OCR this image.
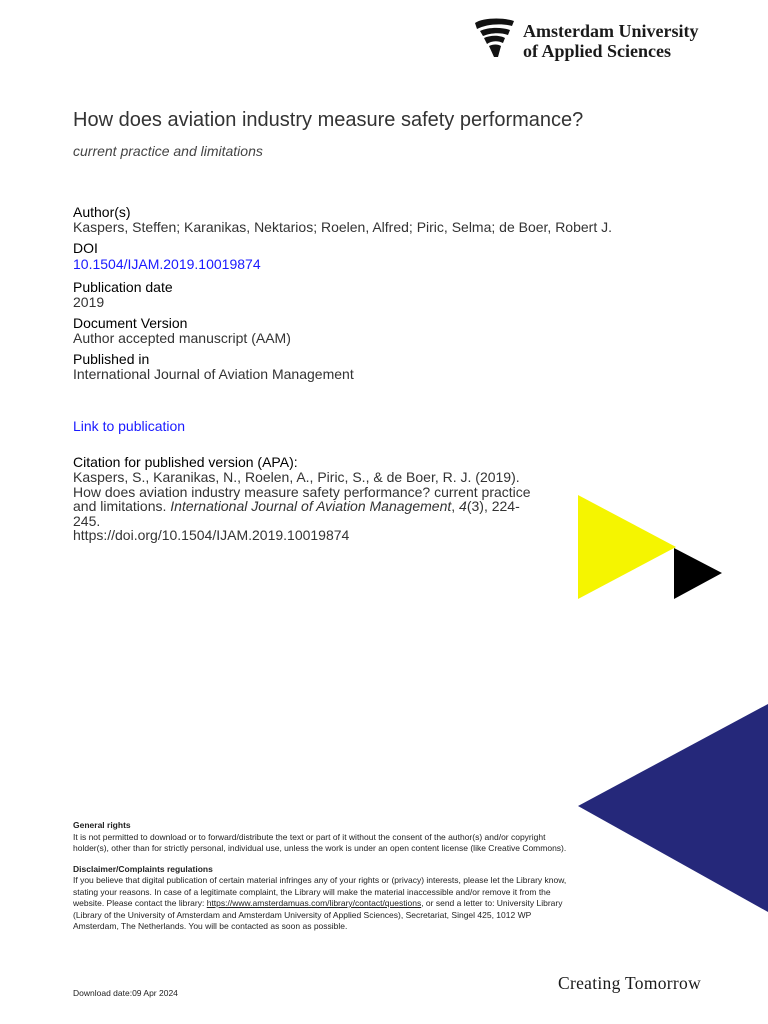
Amsterdam University
of Applied Sciences
How does aviation industry measure safety performance?
current practice and limitations
Author(s)
Kaspers, Steffen; Karanikas, Nektarios; Roelen, Alfred; Piric, Selma; de Boer, Robert J.
DOI
10.1504/IJAM.2019.10019874
Publication date
2019
Document Version
Author accepted manuscript (AAM)
Published in
International Journal of Aviation Management
Link to publication
Citation for published version (APA):
Kaspers, S., Karanikas, N., Roelen, A., Piric, S., & de Boer, R. J. (2019). How does aviation industry measure safety performance? current practice and limitations. International Journal of Aviation Management, 4(3), 224-245.
https://doi.org/10.1504/IJAM.2019.10019874

General rights
It is not permitted to download or to forward/distribute the text or part of it without the consent of the author(s) and/or copyright holder(s), other than for strictly personal, individual use, unless the work is under an open content license (like Creative Commons).

Disclaimer/Complaints regulations
If you believe that digital publication of certain material infringes any of your rights or (privacy) interests, please let the Library know, stating your reasons. In case of a legitimate complaint, the Library will make the material inaccessible and/or remove it from the website. Please contact the library: https://www.amsterdamuas.com/library/contact/questions, or send a letter to: University Library (Library of the University of Amsterdam and Amsterdam University of Applied Sciences), Secretariat, Singel 425, 1012 WP Amsterdam, The Netherlands. You will be contacted as soon as possible.

Download date:09 Apr 2024	Creating Tomorrow
